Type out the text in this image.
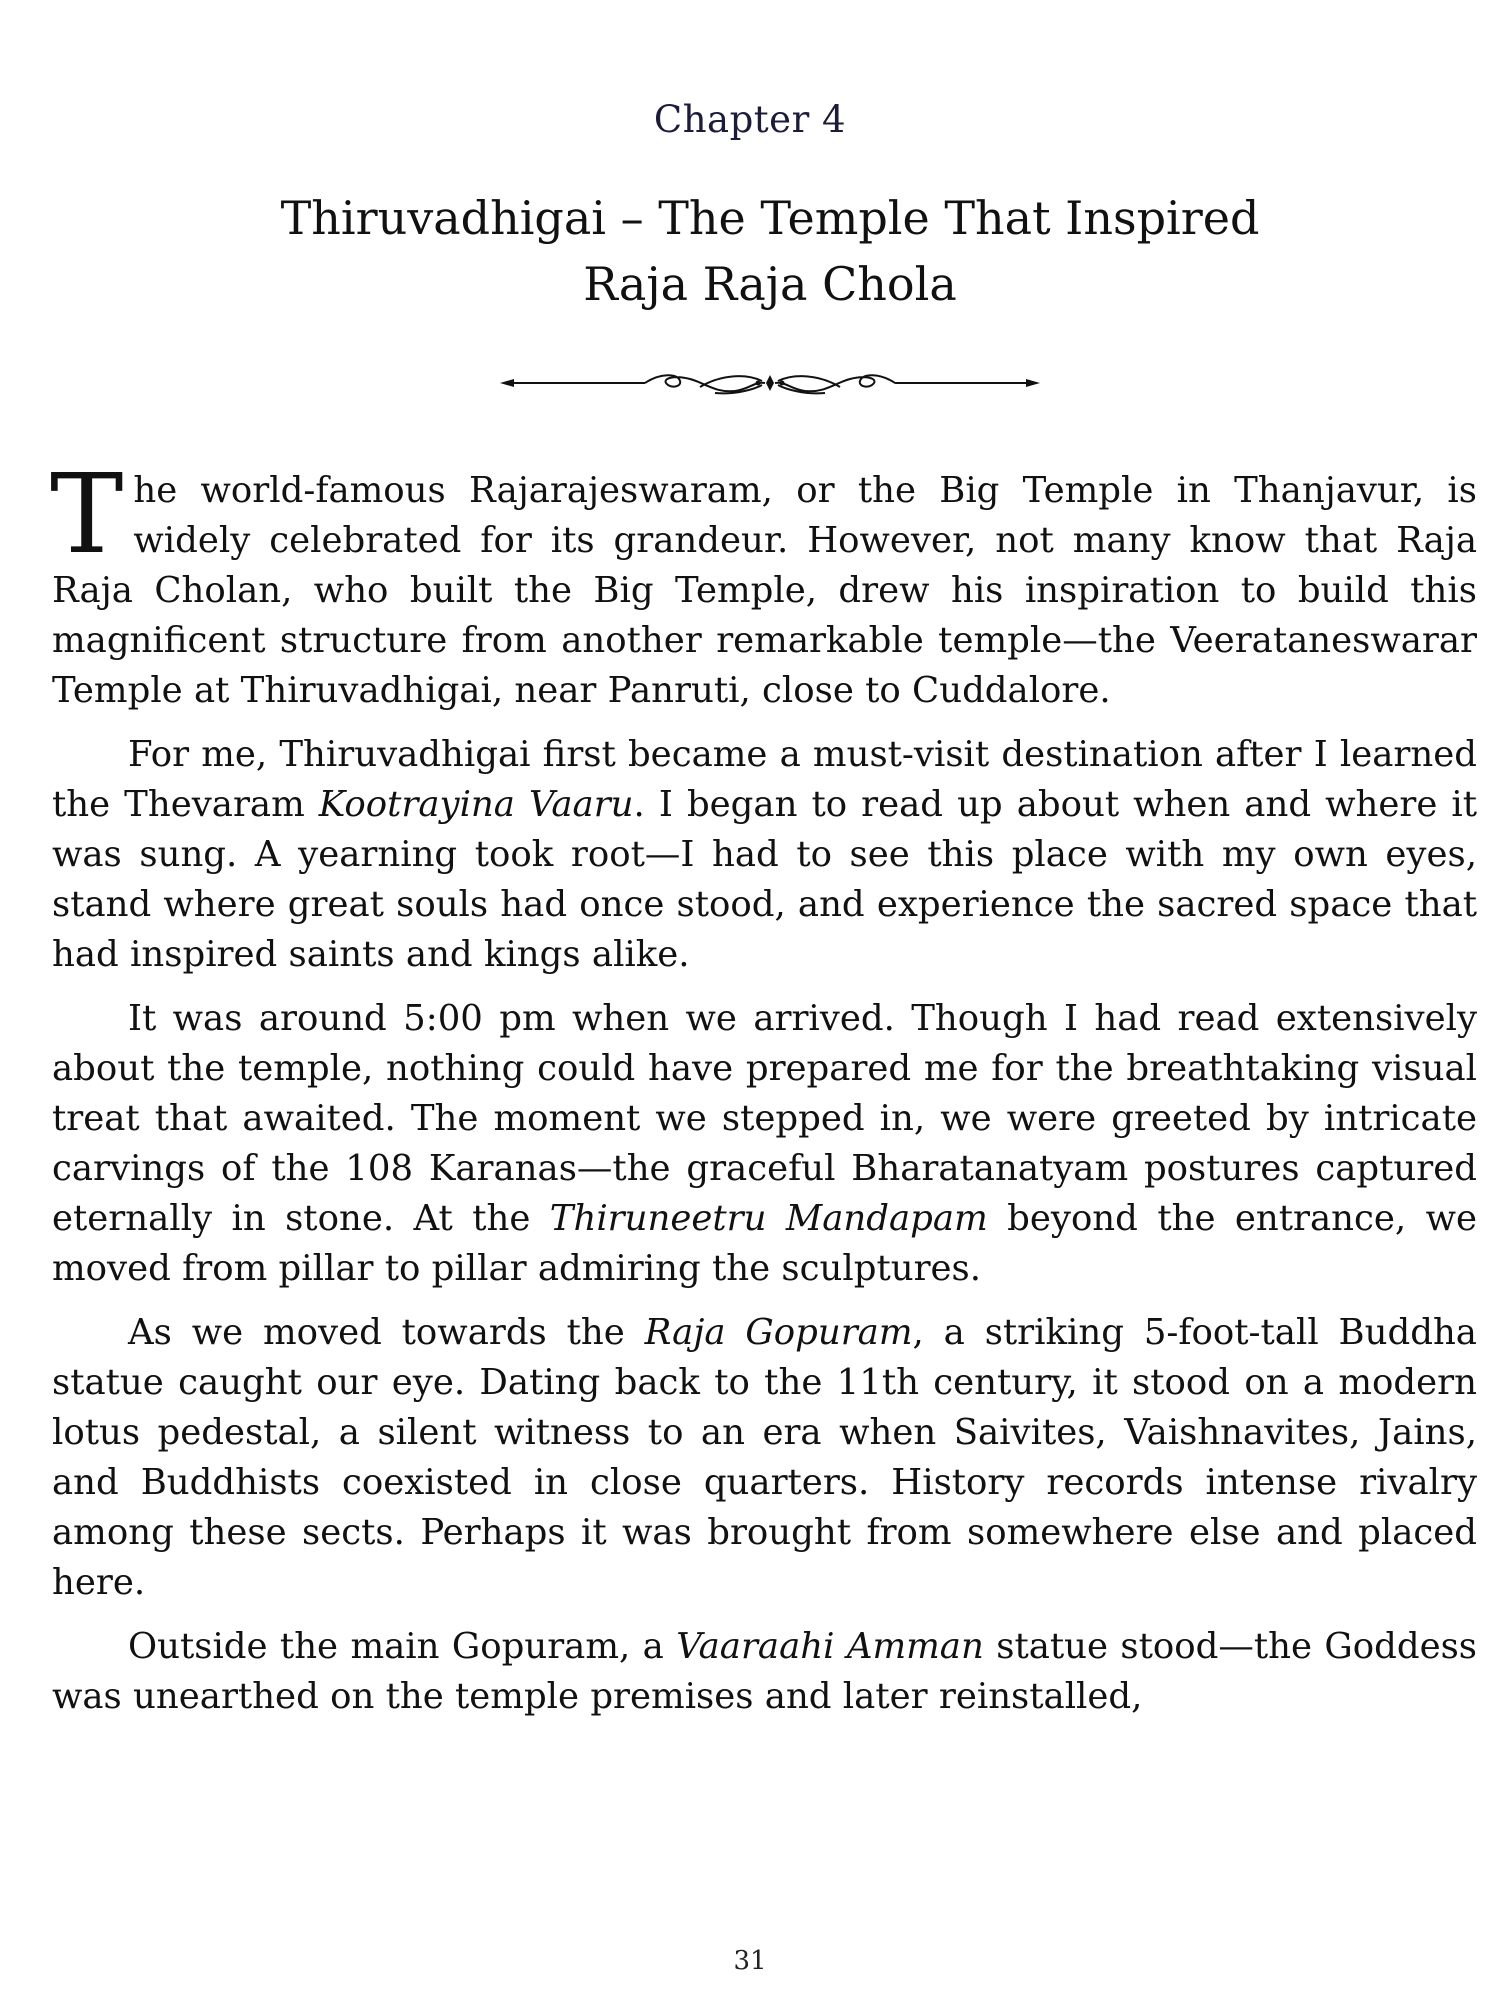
Chapter 4
Thiruvadhigai – The Temple That Inspired
Raja Raja Chola

The world-famous Rajarajeswaram, or the Big Temple in Thanjavur, is widely celebrated for its grandeur. However, not many know that Raja Raja Cholan, who built the Big Temple, drew his inspiration to build this magnificent structure from another remarkable temple—the Veerataneswarar Temple at Thiruvadhigai, near Panruti, close to Cuddalore.

For me, Thiruvadhigai first became a must-visit destination after I learned the Thevaram Kootrayina Vaaru. I began to read up about when and where it was sung. A yearning took root—I had to see this place with my own eyes, stand where great souls had once stood, and experience the sacred space that had inspired saints and kings alike.

It was around 5:00 pm when we arrived. Though I had read extensively about the temple, nothing could have prepared me for the breathtaking visual treat that awaited. The moment we stepped in, we were greeted by intricate carvings of the 108 Karanas—the graceful Bharatanatyam postures captured eternally in stone. At the Thiruneetru Mandapam beyond the entrance, we moved from pillar to pillar admiring the sculptures.

As we moved towards the Raja Gopuram, a striking 5-foot-tall Buddha statue caught our eye. Dating back to the 11th century, it stood on a modern lotus pedestal, a silent witness to an era when Saivites, Vaishnavites, Jains, and Buddhists coexisted in close quarters. History records intense rivalry among these sects. Perhaps it was brought from somewhere else and placed here.

Outside the main Gopuram, a Vaaraahi Amman statue stood—the Goddess was unearthed on the temple premises and later reinstalled,

31
